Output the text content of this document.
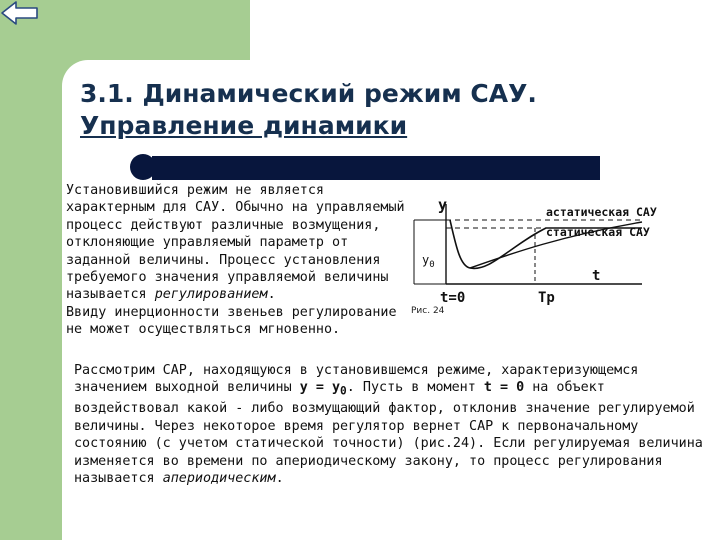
3.1. Динамический режим САУ.
Управление динамики

Установившийся режим не является характерным для САУ. Обычно на управляемый процесс действуют различные возмущения, отклоняющие управляемый параметр от заданной величины. Процесс установления требуемого значения управляемой величины называется регулированием.

Ввиду инерционности звеньев регулирование не может осуществляться мгновенно.

Рассмотрим САР, находящуюся в установившемся режиме, характеризующемся значением выходной величины $y = y_0$. Пусть в момент t = 0 на объект воздействовал какой - либо возмущающий фактор, отклонив значение регулируемой величины. Через некоторое время регулятор вернет САР к первоначальному состоянию (с учетом статической точности) (рис.24). Если регулируемая величина изменяется во времени по апериодическому закону, то процесс регулирования называется апериодическим.

y
$y_0$
t
t=0	Tp
астатическая САУ
статическая САУ
Рис. 24
